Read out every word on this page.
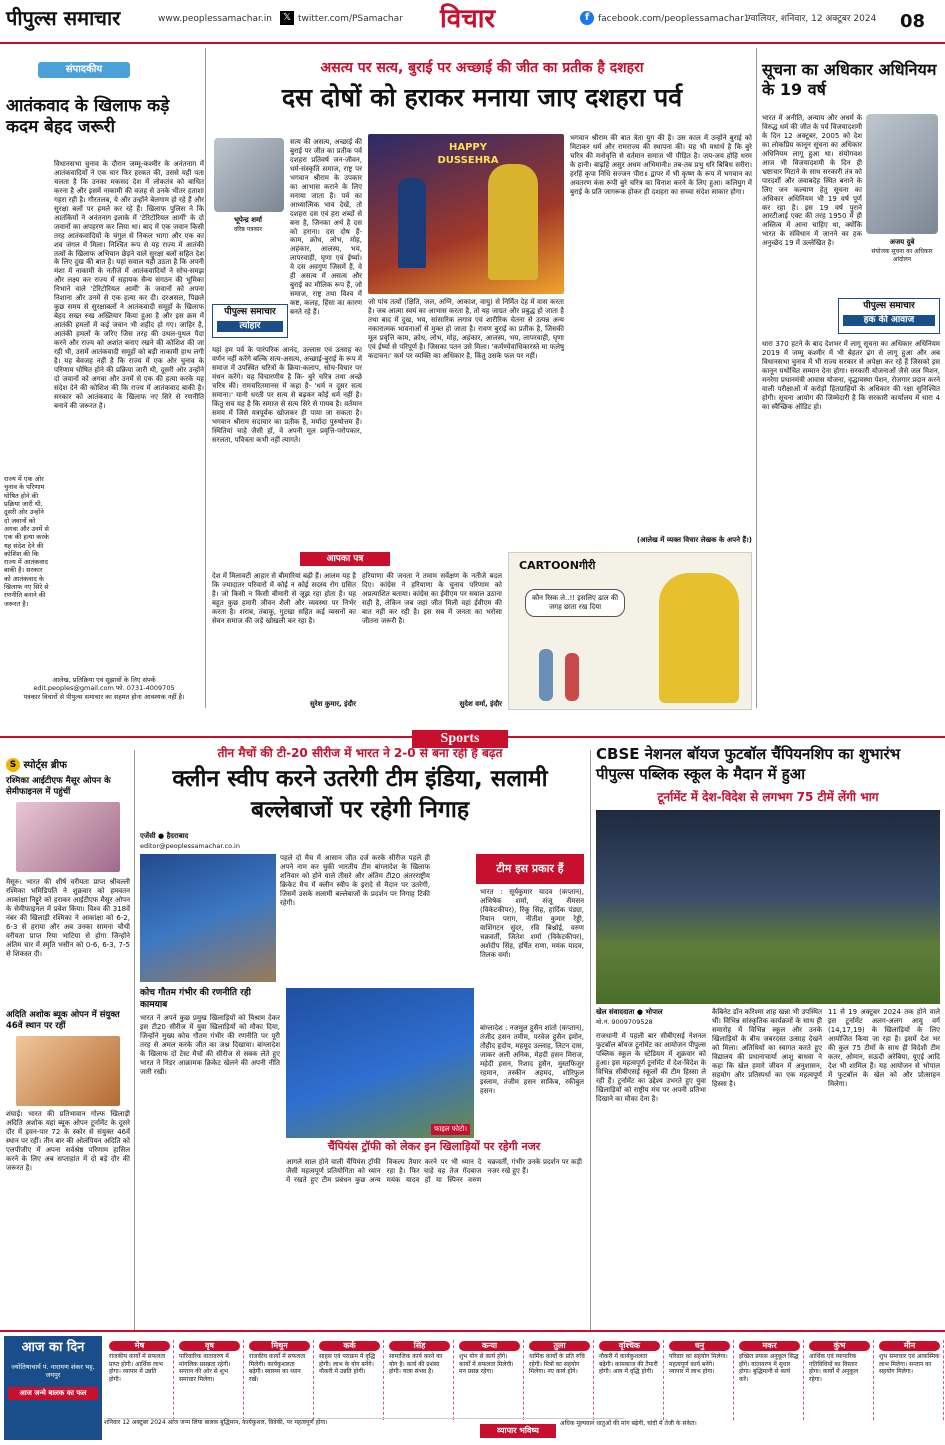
पीपुल्स समाचार	www.peoplessamachar.in 𝕏 twitter.com/PSamachar विचार	f facebook.com/peoplessamachar1
ग्वालियर, शनिवार, 12 अक्टूबर 2024 08
संपादकीय
आतंकवाद के खिलाफ कड़े कदम बेहद जरूरी
विधानसभा चुनाव के दौरान जम्मू-कश्मीर के अनंतनाग में आतंकवादियों ने एक चार फिर हरकत की, उससे यही पता चलता है कि उनका मकसद देश में लोकतंत्र को बाधित करना है और इसमें नाकामी की वजह से उनके भीतर हताशा गहरा रही है। गौरतलब, ये और उन्होंने बेलगाम हो रहे हैं और सुरक्षा बलों पर हमले कर रहे हैं। खिलाफ पुलिस ने कि आतंकियों ने अनंतनाग इलाके में 'टेरिटोरियल आर्मी' के दो जवानों का अपहरण कर लिया था। बाद में एक जवान किसी तरह आतंकवादियों के चंगुल से निकल भागा और एक का शव जंगल में मिला। निश्चित रूप से यह राज्य में आतंकी तत्वों के खिलाफ अभियान छेड़ने वाले सुरक्षा बलों सहित देश के लिए दुख की बात है। यहां सवाल यही उठता है कि अपनी मंशा में नाकामी के नतीजे में आतंकवादियों ने सोच-समझ और लक्ष्य कर राज्य में सहायक सैन्य संगठन की भूमिका निभाने वाले 'टेरिटोरियल आर्मी' के जवानों को अपना निशाना और उनमें से एक हत्या कर दी। दरअसल, पिछले कुछ समय से सुरक्षाबलों ने आतंकवादी समूहों के खिलाफ बेहद सख्त रुख अख्तियार किया हुआ है और इस क्रम में आतंकी हमलों में कई जवान भी शहीद हो गए। जाहिर है, आतंकी हमलों के जरिए जिस तरह की उथल-पुथल पैदा करने और राज्य को अशांत बनाए रखने की कोशिश की जा रही थी, उसमें आतंकवादी समूहों को बड़ी नाकामी हाथ लगी है। यह बेवजह नहीं है कि राज्य में एक ओर चुनाव के परिणाम घोषित होने की प्रक्रिया जारी थी, दूसरी ओर उन्होंने दो जवानों को अगवा और उनमें से एक की हत्या करके यह संदेश देने की कोशिश की कि राज्य में आतंकवाद बाकी है। सरकार को आतंकवाद के खिलाफ नए सिरे से रणनीति बनाने की जरूरत है।
राज्य में एक ओर चुनाव के परिणाम घोषित होने की प्रक्रिया जारी थी, दूसरी ओर उन्होंने दो जवानों को अगवा और उनमें से एक की हत्या करके यह संदेश देने की कोशिश की कि राज्य में आतंकवाद बाकी है। सरकार को आतंकवाद के खिलाफ नए सिरे से रणनीति बनाने की जरूरत है।
आलेख, प्रतिक्रिया एवं सुझावों के लिए संपर्क
edit.peoples@gmail.com फो. 0731-4009705
पत्रकार विचारों से पीपुल्स समाचार का सहमत होना आवश्यक नहीं है।
असत्य पर सत्य, बुराई पर अच्छाई की जीत का प्रतीक है दशहरा
दस दोषों को हराकर मनाया जाए दशहरा पर्व
भूपेन्द्र शर्मा
वरिष्ठ पत्रकार
पीपुल्स समाचार
त्योहार
सत्य की असत्य, अच्छाई की बुराई पर जीत का प्रतीक पर्व दशहरा प्रतिवर्ष जन-जीवन, धर्म-संस्कृति समाज, राष्ट्र पर भगवान श्रीराम के उपकार का आभास कराने के लिए मनाया जाता है। पर्व का आध्यात्मिक भाव देखें, तो दशहरा दस एवं हरा शब्दों से बना है, जिनका अर्थ है दस को हराना। दस दोष हैं- काम, क्रोध, लोभ, मोह, अहंकार, आलस्य, भय, लापरवाही, घृणा एवं ईर्ष्या। ये दस अवगुण जिसमें हैं, वे ही असत्य में असत्य और बुराई का मौलिक रूप हैं, जो समाज, राष्ट्र तथा विश्व में कष्ट, कलह, हिंसा का कारण बनते रहे हैं।
HAPPY DUSSEHRA
यहां हम पर्व के पारंपरिक आनंद, उल्लास एवं उत्साह का वर्णन नहीं करेंगे बल्कि सत्य-असत्य, अच्छाई-बुराई के रूप में समाज में उपस्थित चरित्रों के क्रिया-कलाप, सोच-विचार पर मंथन करेंगे। यह विचारणीय है कि- बुरे चरित्र तथा अच्छे चरित्र की। रामचरितमानस में कहा है- 'धर्म न दूसर सत्य समाना।' यानी धरती पर सत्य से बढ़कर कोई धर्म नहीं है। किंतु सच यह है कि समाज से सत्य सिरे से गायब है। वर्तमान समय में जिसे यत्रपूर्वक खोजकर ही पाया जा सकता है। भगवान श्रीराम सदाचार का प्रतीक हैं, मर्यादा पुरुषोत्तम हैं। स्थितियां चाहे जैसी हों, वे अपनी मूल प्रवृत्ति-परोपकार, सरलता, पवित्रता कभी नहीं त्यागते।
जो पांच तत्वों (क्षिति, जल, अग्नि, आकाश, वायु) से निर्मित देह में वास करता है। जब आत्मा स्वयं का आभास करता है, तो यह जाग्रत और प्रबुद्ध हो जाता है तथा बाद में दुख, भय, सांसारिक लगाव एवं शारीरिक चेतना से उत्पन्न अन्य नकारात्मक भावनाओं से मुक्त हो जाता है। रावण बुराई का प्रतीक है, जिसकी मूल प्रवृत्ति काम, क्रोध, लोभ, मोह, अहंकार, आलस्य, भय, लापरवाही, घृणा एवं ईर्ष्या से परिपूर्ण है। जिसका पतन उसे मिला। 'कर्मण्येवाधिकारस्ते मा फलेषु कदाचन।' कर्म पर व्यक्ति का अधिकार है, किंतु उसके फल पर नहीं।
भगवान श्रीराम की बात त्रेता युग की है। उस काल में उन्होंने बुराई को मिटाकर धर्म और रामराज्य की स्थापना की। यह भी यथार्थ है कि बुरे चरित्र की मनोवृत्ति से वर्तमान समाज भी पीड़ित है। जय-जय होहि धरम के हानी। बाढ़हिं असुर अधम अभिमानी॥ तब-तब प्रभु धरि बिबिध सरीरा। हरहिं कृपा निधि सज्जन पीरा॥ द्वापर में भी कृष्ण के रूप में भगवान का अवतरण कंस रूपी बुरे चरित्र का विनाश करने के लिए हुआ। कलियुग में बुराई के प्रति जागरूक होकर ही दशहरा का सच्चा संदेश साकार होगा।
(आलेख में व्यक्त विचार लेखक के अपने हैं।)
आपका पत्र
देश में मिलावटी आहार से बीमारियां बढ़ी हैं। आलम यह है कि ज्यादातर परिवारों में कोई न कोई सदस्य रोग ग्रसित है। जो किसी न किसी बीमारी से जूझ रहा होता है। यह बहुत कुछ हमारी जीवन शैली और व्यवस्था पर निर्भर करता है। शराब, तंबाकू, गुटखा सहित कई व्यसनों का सेवन समाज की जड़ें खोखली कर रहा है।
सुरेश कुमार, इंदौर
हरियाणा की जनता ने तमाम सर्वेक्षण के नतीजे बदल दिए। कांग्रेस ने हरियाणा के चुनाव परिणाम को अप्रत्याशित बताया। कांग्रेस का ईवीएम पर सवाल उठाना सही है, लेकिन जब जहां जीत मिली वहां ईवीएम की बात नहीं कर रही है। इस सब में जनता का भरोसा जीतना जरूरी है।
सुदेश वर्मा, इंदौर
CARTOONगीरी
कौन रिस्क ले..!! इसलिए ढाल की जगह छाता रख दिया
सूचना का अधिकार अधिनियम के 19 वर्ष
भारत में अनीति, अन्याय और अधर्म के विरुद्ध धर्म की जीत के पर्व विजयादशमी के दिन 12 अक्टूबर, 2005 को देश का लोकप्रिय कानून सूचना का अधिकार अधिनियम लागू हुआ था। संयोगवश आज भी विजयादशमी के दिन ही भ्रष्टाचार मिटाने के साथ सरकारी तंत्र को पारदर्शी और जवाबदेह स्थित बनाने के लिए जन कल्याण हेतु सूचना का अधिकार अधिनियम भी 19 वर्ष पूर्ण कर रहा है। इस 19 वर्ष पुराने आरटीआई एक्ट की तरह 1950 में ही अस्तित्व में आना चाहिए था, क्योंकि भारत के संविधान में जानने का हक अनुच्छेद 19 में उल्लेखित है।	अजय दुबे
संयोजक सूचना का अधिकार आंदोलन
पीपुल्स समाचार
हक की आवाज
धारा 370 हटने के बाद देशभर में लागू सूचना का अधिकार अधिनियम 2019 में जम्मू कश्मीर में भी बेहतर ढंग से लागू हुआ और अब विधानसभा चुनाव में भी राज्य सरकार से अपेक्षा कर रहे हैं जिसको इस कानून यथोचित सम्मान देना होगा। सरकारी योजनाओं जैसे जल मिशन, मनरेगा प्रधानमंत्री आवास योजना, वृद्धावस्था पेंशन, रोजगार प्रदान करने वाली परीक्षाओं में करोड़ों हितग्राहियों के अधिकार की रक्षा सुनिश्चित होगी। सूचना आयोग की जिम्मेदारी है कि सरकारी कार्यालय में धारा 4 का स्वैच्छिक ऑडिट हो।
Sports
S स्पोर्ट्स ब्रीफ
रश्मिका आईटीएफ मैसूर ओपन के सेमीफाइनल में पहुंचीं
मैसूरु। भारत की शीर्ष वरीयता प्राप्त श्रीवल्ली रश्मिका भमिडिपति ने शुक्रवार को हमवतन आकांक्षा निट्टूरे को हराकर आईटीएफ मैसूर ओपन के सेमीफाइनल में प्रवेश किया। विश्व की 318वें नंबर की खिलाड़ी रश्मिका ने आकांक्षा को 6-2, 6-3 से हराया और अब उनका सामना चौथी वरीयता प्राप्त रिया भाटिया से होगा जिन्होंने अंतिम चार में स्मृति भसीन को 0-6, 6-3, 7-5 से शिकस्त दी।
अदिति अशोक ब्यूक ओपन में संयुक्त 46वें स्थान पर रहीं
शंघाई। भारत की प्रतिभावान गोल्फ खिलाड़ी अदिति अशोक यहां ब्यूक ओपन टूर्नामेंट के दूसरे दौर में इवन-पार 72 के स्कोर से संयुक्त 46वें स्थान पर रहीं। तीन बार की ओलंपियन अदिति को एलपीजीए में अपना सर्वश्रेष्ठ परिणाम हासिल करने के लिए अब सप्ताहांत में दो बड़े दौर की जरूरत है।
तीन मैचों की टी-20 सीरीज में भारत ने 2-0 से बना रही है बढ़त
क्लीन स्वीप करने उतरेगी टीम इंडिया, सलामी बल्लेबाजों पर रहेगी निगाह
एजेंसी ● हैदराबाद
editor@peoplessamachar.co.in
पहले दो मैच में आसान जीत दर्ज करके सीरीज पहले ही अपने नाम कर चुकी भारतीय टीम बांग्लादेश के खिलाफ शनिवार को होने वाले तीसरे और अंतिम टी20 अंतरराष्ट्रीय क्रिकेट मैच में क्लीन स्वीप के इरादे से मैदान पर उतरेगी, जिसमें उसके सलामी बल्लेबाजों के प्रदर्शन पर निगाह टिकी रहेगी।
टीम इस प्रकार हैं
भारत : सूर्यकुमार यादव (कप्तान), अभिषेक शर्मा, संजू सैमसन (विकेटकीपर), रिंकू सिंह, हार्दिक पंड्या, रियान पराग, नीतीश कुमार रेड्डी, वाशिंगटन सुंदर, रवि बिश्नोई, वरुण चक्रवर्ती, जितेश शर्मा (विकेटकीपर), अर्शदीप सिंह, हर्षित राणा, मयंक यादव, तिलक वर्मा।
बांग्लादेश : नजमुल हुसैन शांतो (कप्तान), तंजीद हसन तमीम, परवेज हुसैन इमोन, तौहीद हृदोय, महमूद उल्लाह, लिटन दास, जाकर अली अनिक, मेहदी हसन मिराज, महेदी हसन, रिशाद हुसैन, मुस्तफिजुर रहमान, तस्कीन अहमद, शोरिफुल इस्लाम, तंजीम हसन साकिब, रकीबुल हसन।
फाइल फोटो।
कोच गौतम गंभीर की रणनीति रही कामयाब
भारत ने अपने कुछ प्रमुख खिलाड़ियों को विश्राम देकर इस टी20 सीरीज में युवा खिलाड़ियों को मौका दिया, जिन्होंने मुख्य कोच गौतम गंभीर की रणनीति पर पूरी तरह से अमल करके जीत का जश्न दिखाया। बांग्लादेश के खिलाफ दो टेस्ट मैचों की सीरीज से सबक लेते हुए भारत ने निडर आक्रामक क्रिकेट खेलने की अपनी नीति जारी रखी।
चैंपियंस ट्रॉफी को लेकर इन खिलाड़ियों पर रहेगी नजर
आगले साल होने वाली चैंपियंस ट्रॉफी जैसी महत्वपूर्ण प्रतियोगिता को ध्यान में रखते हुए टीम प्रबंधन कुछ अन्य विकल्प तैयार करने पर भी ध्यान दे रहा है। फिर चाहे वह तेज गेंदबाज मयंक यादव हों या स्पिनर वरुण चक्रवर्ती, गंभीर उनके प्रदर्शन पर कड़ी नजर रखे हुए हैं।
CBSE नेशनल बॉयज फुटबॉल चैंपियनशिप का शुभारंभ पीपुल्स पब्लिक स्कूल के मैदान में हुआ
टूर्नामेंट में देश-विदेश से लगभग 75 टीमें लेंगी भाग
खेल संवाददाता ● भोपाल
मो.नं. 9009709528
राजधानी में पहली बार सीबीएसई नेशनल फुटबॉल बॉयज टूर्नामेंट का आयोजन पीपुल्स पब्लिक स्कूल के स्टेडियम में शुक्रवार को हुआ। इस महत्वपूर्ण टूर्नामेंट में देश-विदेश के विभिन्न सीबीएसई स्कूलों की टीम हिस्सा ले रही हैं। टूर्नामेंट का उद्देश्य उभरते हुए युवा खिलाड़ियों को राष्ट्रीय मंच पर अपनी प्रतिभा दिखाने का मौका देना है।
कैबिनेट डॉन करिश्मा शाह खन्ना भी उपस्थित थीं। विभिन्न सांस्कृतिक कार्यक्रमों के साथ ही समारोह में विभिन्न स्कूल और उनके खिलाड़ियों के बीच जबरदस्त उत्साह देखने को मिला। अतिथियों का स्वागत करते हुए विद्यालय की प्रधानाचार्या आशु बाधवा ने कहा कि खेल हमारे जीवन में अनुशासन, सहयोग और प्रतिस्पर्धा का एक महत्वपूर्ण हिस्सा है।
11 से 19 अक्टूबर 2024 तक होने वाले इस टूर्नामेंट अलग-अलग आयु वर्ग (14,17,19) के खिलाड़ियों के लिए आयोजित किया जा रहा है। इसमें देश भर की कुल 75 टीमों के साथ ही विदेशी टीम कतर, ओमान, सऊदी अरेबिया, यूएई आदि देश भी शामिल हैं। यह आयोजन से भोपाल में फुटबॉल के खेल को और प्रोत्साहन मिलेगा।
आज का दिन
ज्योतिषाचार्य पं. नारायण शंकर भट्ट, जयपुर
आज जन्मे बालक का फल
मेष
राजकीय कार्यों में सफलता प्राप्त होगी। आर्थिक लाभ होगा। व्यापार में उन्नति होगी।
वृष
पारिवारिक वातावरण में मांगलिक प्रसन्नता रहेगी। सन्तान की ओर से शुभ समाचार मिलेगा।
मिथुन
राजकीय कार्यों में सफलता मिलेगी। कार्यकुशलता बढ़ेगी। स्वास्थ्य का ध्यान रखें।
कर्क
साहस एवं पराक्रम में वृद्धि होगी। लाभ के योग बनेंगे। नौकरी में उन्नति होगी।
सिंह
सामाजिक कार्य करने का योग है। कार्य की प्रशंसा होगी। यात्रा संभव है।
कन्या
शुभ योग से कार्य होंगे। कार्यों में सफलता मिलेगी। मन प्रसन्न रहेगा।
तुला
धार्मिक कार्यों के प्रति रुचि रहेगी। मित्रों का सहयोग मिलेगा। नए कार्य होंगे।
वृश्चिक
नौकरी में कार्यकुशलता बढ़ेगी। कामकाज की तैयारी होगी। आय में वृद्धि होगी।
धनु
परिवार का सहयोग मिलेगा। महत्वपूर्ण कार्य बनेंगे। व्यापार में लाभ होगा।
मकर
इच्छित प्रयास अनुकूल सिद्ध होंगे। वातावरण में सुधार होगा। बुद्धिमानी से कार्य करें।
कुंभ
आर्थिक एवं व्यापारिक गतिविधियों का विस्तार होगा। कार्यों में अनुकूल रहेगा।
मीन
शुभ समाचार एवं आकस्मिक लाभ मिलेगा। सन्तान का सहयोग मिलेगा।
शनिवार 12 अक्टूबर 2024 आज जन्म लिया बालक बुद्धिमान, कार्यकुशल, विवेकी, पर महत्वपूर्ण होगा।
व्यापार भविष्य
अधिक मूल्यवान धातुओं की मांग बढ़ेगी, चांदी में तेजी के संकेत।
